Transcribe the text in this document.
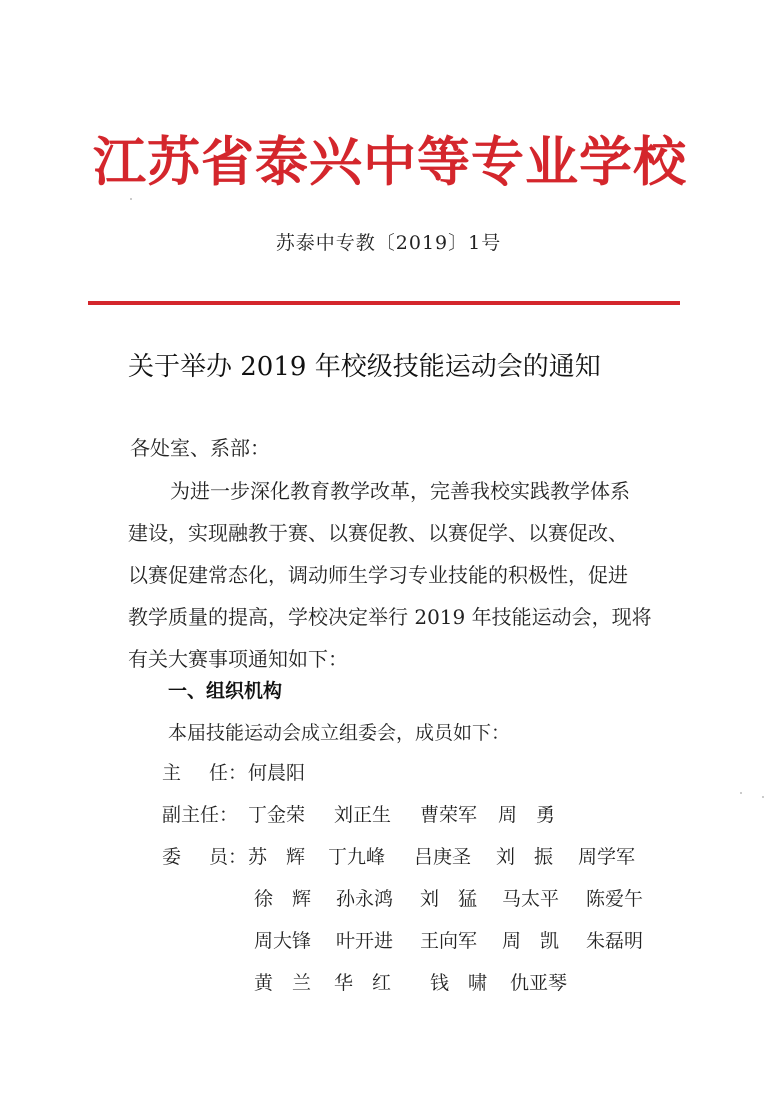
江苏省泰兴中等专业学校
苏泰中专教〔2019〕1号
关于举办 2019 年校级技能运动会的通知
各处室、系部：
为进一步深化教育教学改革，完善我校实践教学体系
建设，实现融教于赛、以赛促教、以赛促学、以赛促改、
以赛促建常态化，调动师生学习专业技能的积极性，促进
教学质量的提高，学校决定举行 2019 年技能运动会，现将
有关大赛事项通知如下：
一、组织机构
本届技能运动会成立组委会，成员如下：
主 任： 何晨阳
副主任： 丁金荣 刘正生 曹荣军 周　勇
委 员： 苏　辉 丁九峰 吕庚圣 刘　振 周学军
徐　辉 孙永鸿 刘　猛 马太平 陈爱午
周大锋 叶开进 王向军 周　凯 朱磊明
黄　兰 华　红 钱　啸 仇亚琴
